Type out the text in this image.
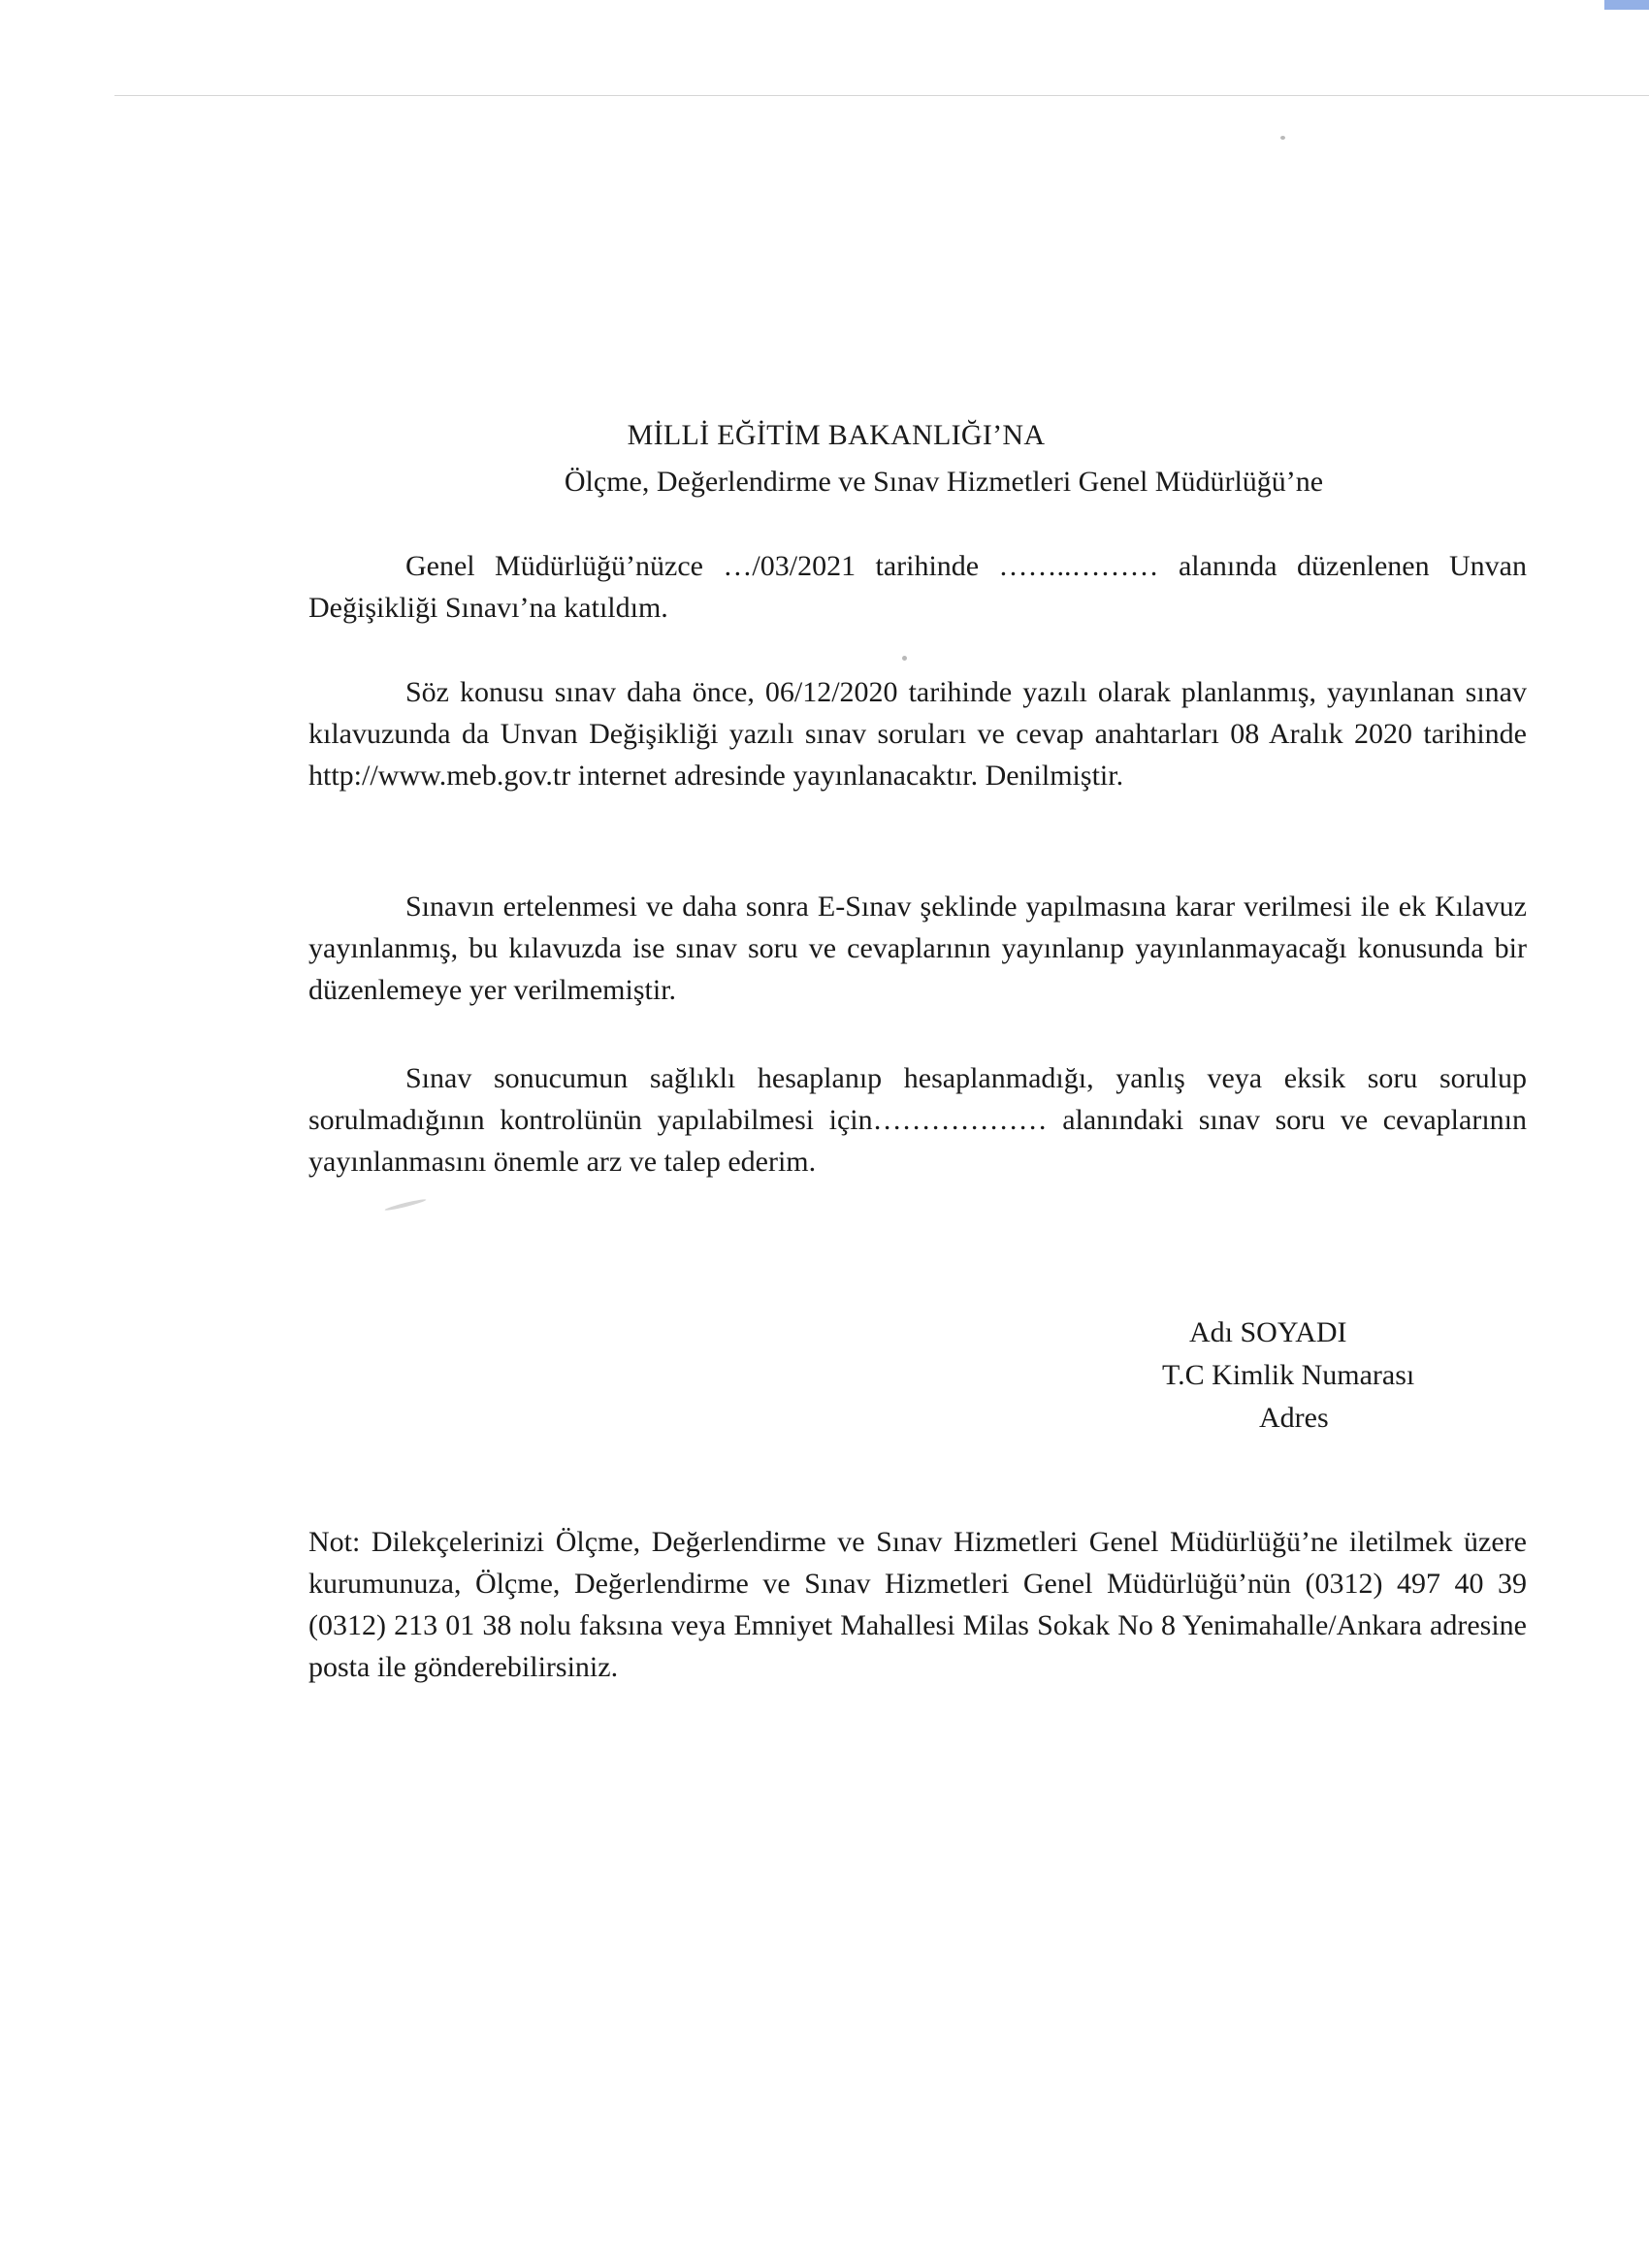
MİLLİ EĞİTİM BAKANLIĞI’NA
Ölçme, Değerlendirme ve Sınav Hizmetleri Genel Müdürlüğü’ne

Genel Müdürlüğü’nüzce …/03/2021 tarihinde ……..……… alanında düzenlenen Unvan Değişikliği Sınavı’na katıldım.

Söz konusu sınav daha önce, 06/12/2020 tarihinde yazılı olarak planlanmış, yayınlanan sınav kılavuzunda da Unvan Değişikliği yazılı sınav soruları ve cevap anahtarları 08 Aralık 2020 tarihinde http://www.meb.gov.tr internet adresinde yayınlanacaktır. Denilmiştir.

Sınavın ertelenmesi ve daha sonra E-Sınav şeklinde yapılmasına karar verilmesi ile ek Kılavuz yayınlanmış, bu kılavuzda ise sınav soru ve cevaplarının yayınlanıp yayınlanmayacağı konusunda bir düzenlemeye yer verilmemiştir.

Sınav sonucumun sağlıklı hesaplanıp hesaplanmadığı, yanlış veya eksik soru sorulup sorulmadığının kontrolünün yapılabilmesi için……………… alanındaki sınav soru ve cevaplarının yayınlanmasını önemle arz ve talep ederim.

Adı SOYADI
T.C Kimlik Numarası
Adres

Not: Dilekçelerinizi Ölçme, Değerlendirme ve Sınav Hizmetleri Genel Müdürlüğü’ne iletilmek üzere kurumunuza, Ölçme, Değerlendirme ve Sınav Hizmetleri Genel Müdürlüğü’nün (0312) 497 40 39 (0312) 213 01 38 nolu faksına veya Emniyet Mahallesi Milas Sokak No 8 Yenimahalle/Ankara adresine posta ile gönderebilirsiniz.
